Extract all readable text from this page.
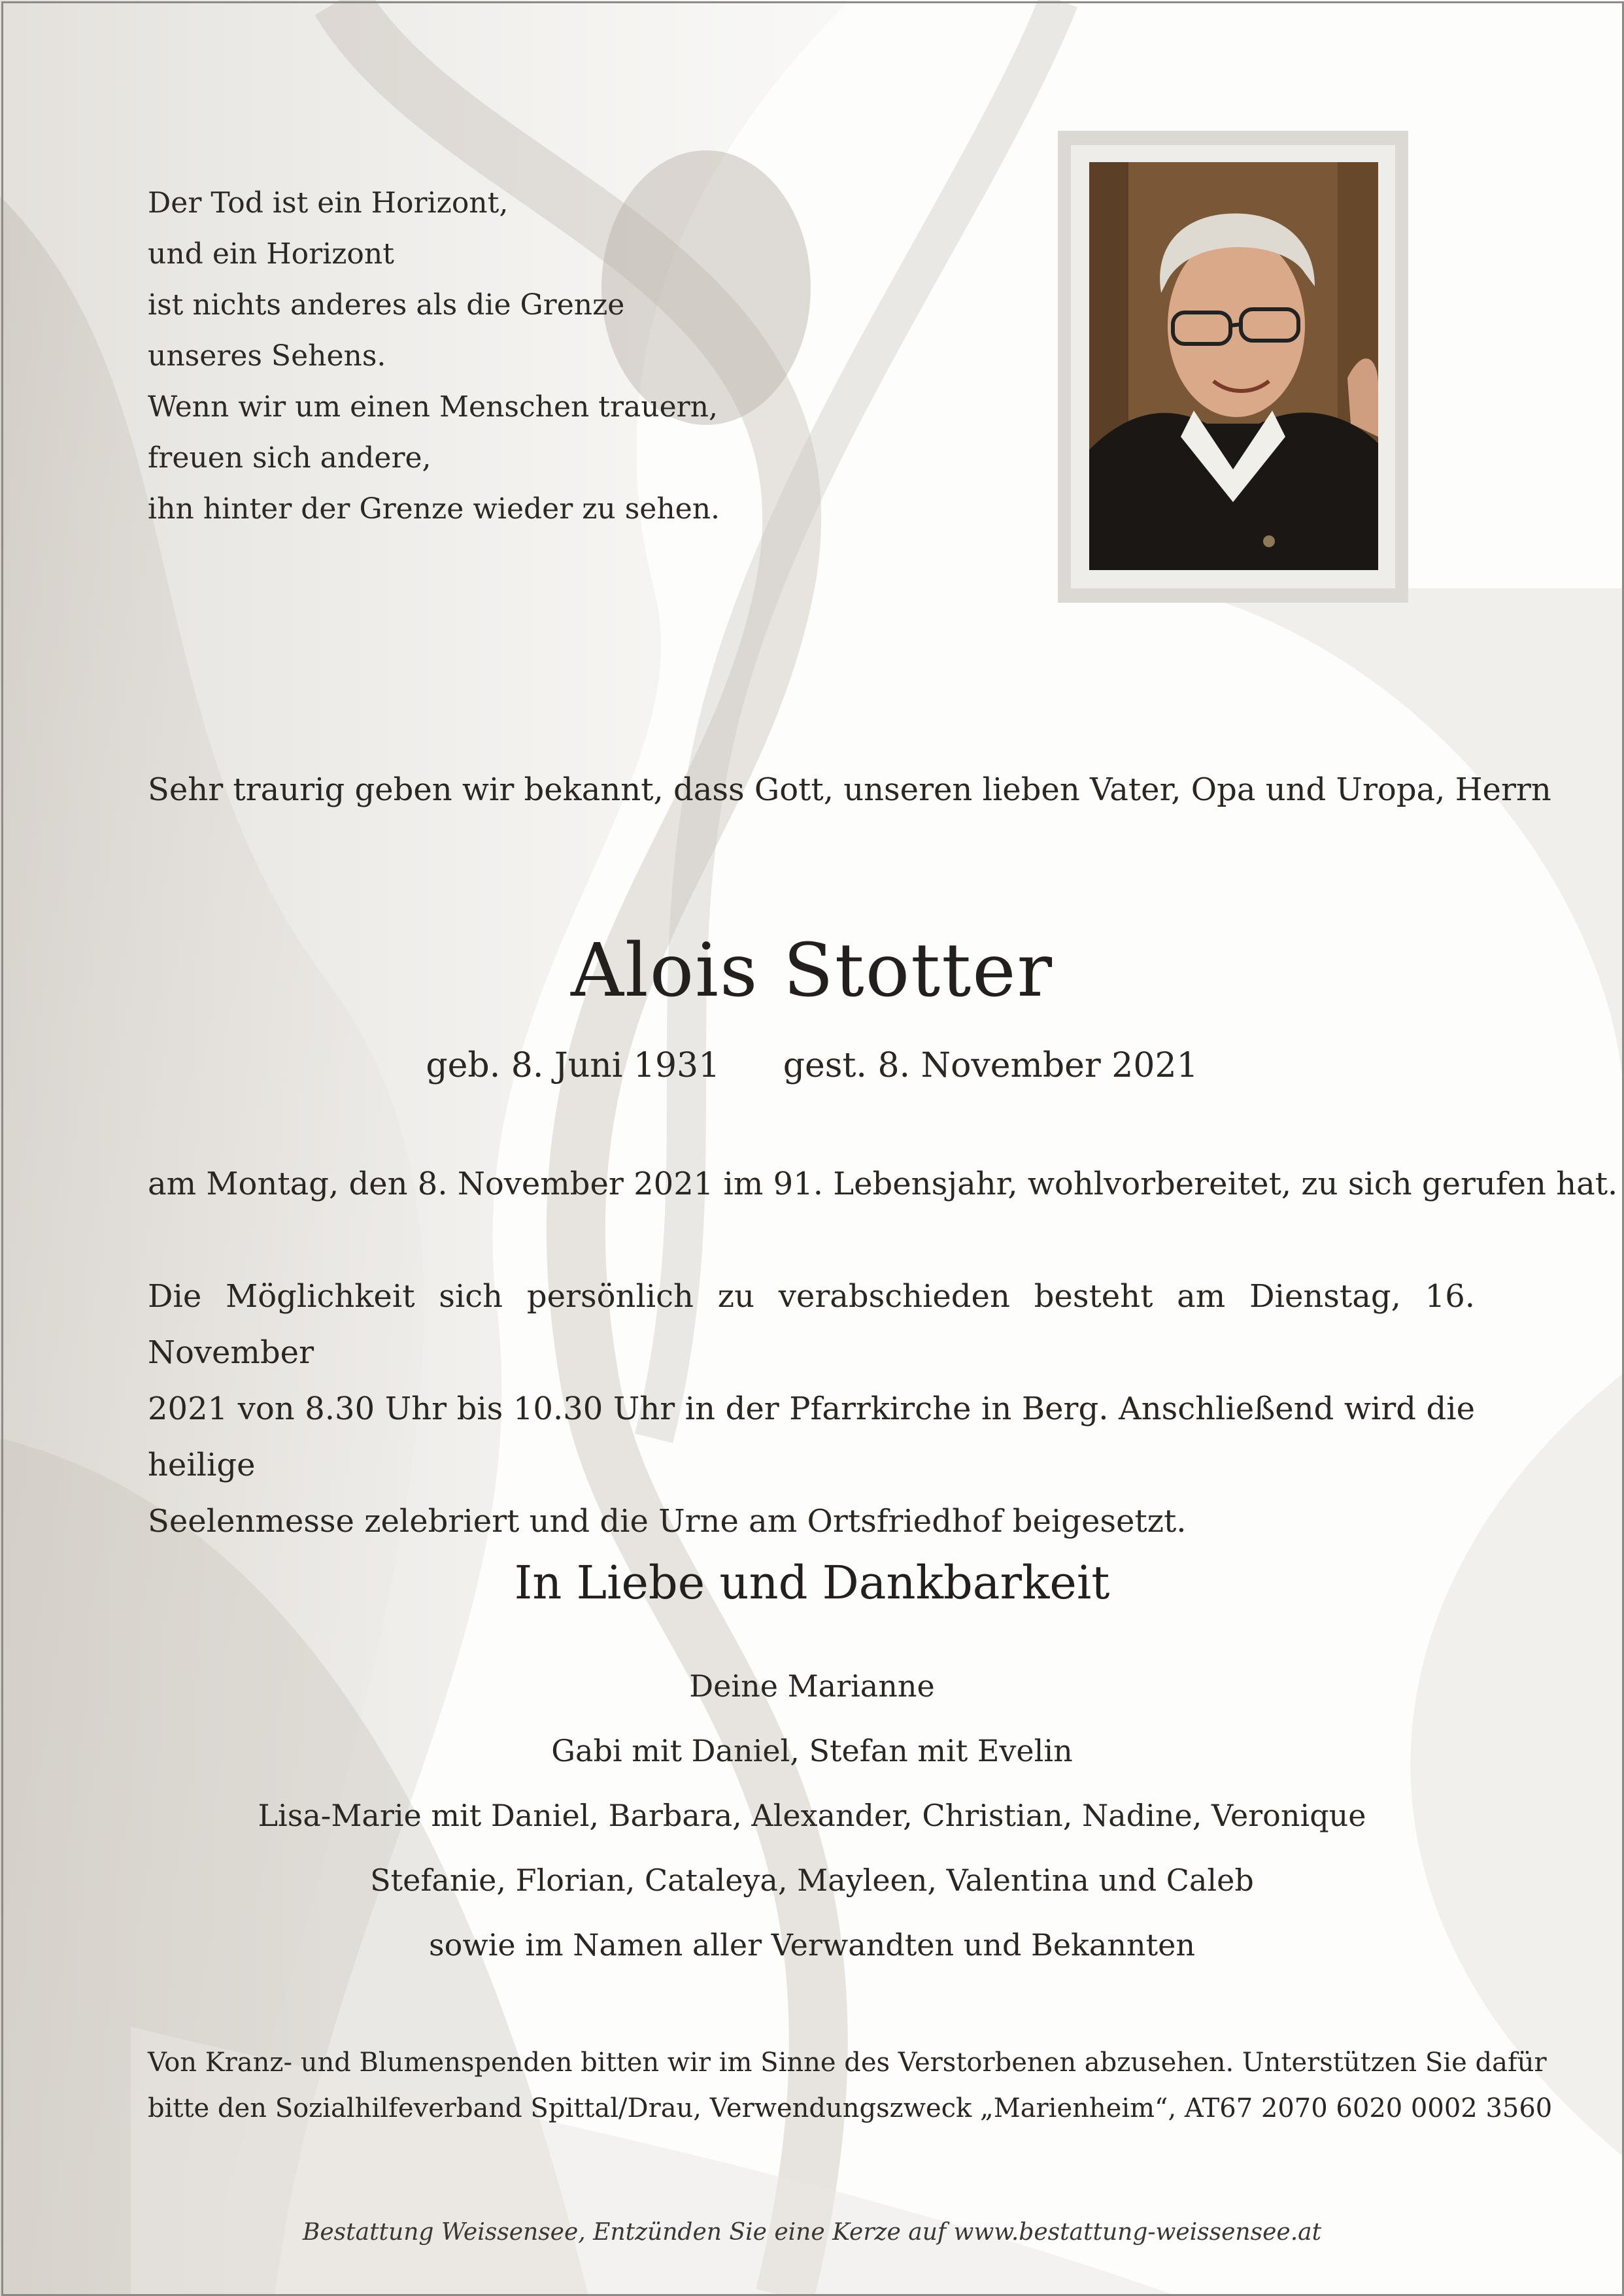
Der Tod ist ein Horizont,
und ein Horizont
ist nichts anderes als die Grenze
unseres Sehens.
Wenn wir um einen Menschen trauern,
freuen sich andere,
ihn hinter der Grenze wieder zu sehen.
Sehr traurig geben wir bekannt, dass Gott, unseren lieben Vater, Opa und Uropa, Herrn
Alois Stotter
geb. 8. Juni 1931 gest. 8. November 2021
am Montag, den 8. November 2021 im 91. Lebensjahr, wohlvorbereitet, zu sich gerufen hat.
Die Möglichkeit sich persönlich zu verabschieden besteht am Dienstag, 16. November
2021 von 8.30 Uhr bis 10.30 Uhr in der Pfarrkirche in Berg. Anschließend wird die heilige
Seelenmesse zelebriert und die Urne am Ortsfriedhof beigesetzt.
In Liebe und Dankbarkeit
Deine Marianne
Gabi mit Daniel, Stefan mit Evelin
Lisa-Marie mit Daniel, Barbara, Alexander, Christian, Nadine, Veronique
Stefanie, Florian, Cataleya, Mayleen, Valentina und Caleb
sowie im Namen aller Verwandten und Bekannten
Von Kranz- und Blumenspenden bitten wir im Sinne des Verstorbenen abzusehen. Unterstützen Sie dafür
bitte den Sozialhilfeverband Spittal/Drau, Verwendungszweck „Marienheim“, AT67 2070 6020 0002 3560
Bestattung Weissensee, Entzünden Sie eine Kerze auf www.bestattung-weissensee.at
